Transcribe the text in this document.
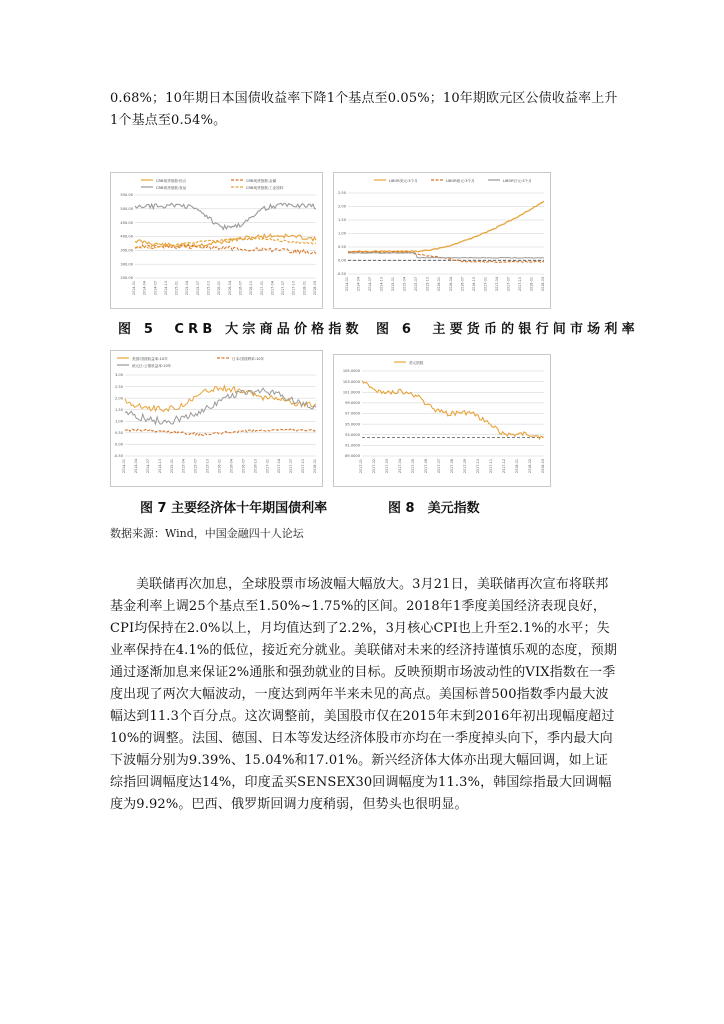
0.68%；10年期日本国债收益率下降1个基点至0.05%；10年期欧元区公债收益率上升1个基点至0.54%。

CRB现货指数:综合	CRB现货指数:金属
CRB现货指数:食品	CRB现货指数:工业原料
550.00
500.00
450.00
400.00
350.00
300.00
250.00
2014-01 2014-04 2014-07 2014-10 2015-01 2015-04 2015-07 2015-10 2016-01 2016-04 2016-07 2016-10 2017-01 2017-04 2017-07 2017-10 2018-01 2018-03
LIBOR美元:3个月	LIBOR欧元:3个月	LIBOR日元:3个月
2.50
2.00
1.50
1.00
0.50
0.00
-0.50
2014-01 2014-04 2014-07 2014-10 2015-01 2015-04 2015-07 2015-10 2016-01 2016-04 2016-07 2016-10 2017-01 2017-04 2017-07 2017-10 2018-01 2018-03

图 5　CRB 大宗商品价格指数 图 6　主要货币的银行间市场利率

美国:国债收益率:10年	日本:国债利率:10年
欧元区:公债收益率:10年
3.00
2.50
2.00
1.50
1.00
0.50
0.00
-0.50
2014-01 2014-04 2014-07 2014-10 2015-01 2015-04 2015-07 2015-10 2016-01 2016-04 2016-07 2016-10 2017-01 2017-04 2017-07 2017-10 2018-01
美元指数
105.0000
103.0000
101.0000
99.0000
97.0000
95.0000
93.0000
91.0000
89.0000
2017-01	2017-02	2017-03	2017-04	2017-05	2017-06	2017-07	2017-08	2017-09	2017-10	2017-11	2017-12	2018-01	2018-02	2018-03

图 7 主要经济体十年期国债利率	图 8　美元指数

数据来源：Wind，中国金融四十人论坛

美联储再次加息，全球股票市场波幅大幅放大。3月21日，美联储再次宣布将联邦基金利率上调25个基点至1.50%~1.75%的区间。2018年1季度美国经济表现良好，CPI均保持在2.0%以上，月均值达到了2.2%，3月核心CPI也上升至2.1%的水平；失业率保持在4.1%的低位，接近充分就业。美联储对未来的经济持谨慎乐观的态度，预期通过逐渐加息来保证2%通胀和强劲就业的目标。反映预期市场波动性的VIX指数在一季度出现了两次大幅波动，一度达到两年半来未见的高点。美国标普500指数季内最大波幅达到11.3个百分点。这次调整前，美国股市仅在2015年末到2016年初出现幅度超过10%的调整。法国、德国、日本等发达经济体股市亦均在一季度掉头向下，季内最大向下波幅分别为9.39%、15.04%和17.01%。新兴经济体大体亦出现大幅回调，如上证综指回调幅度达14%，印度孟买SENSEX30回调幅度为11.3%，韩国综指最大回调幅度为9.92%。巴西、俄罗斯回调力度稍弱，但势头也很明显。
